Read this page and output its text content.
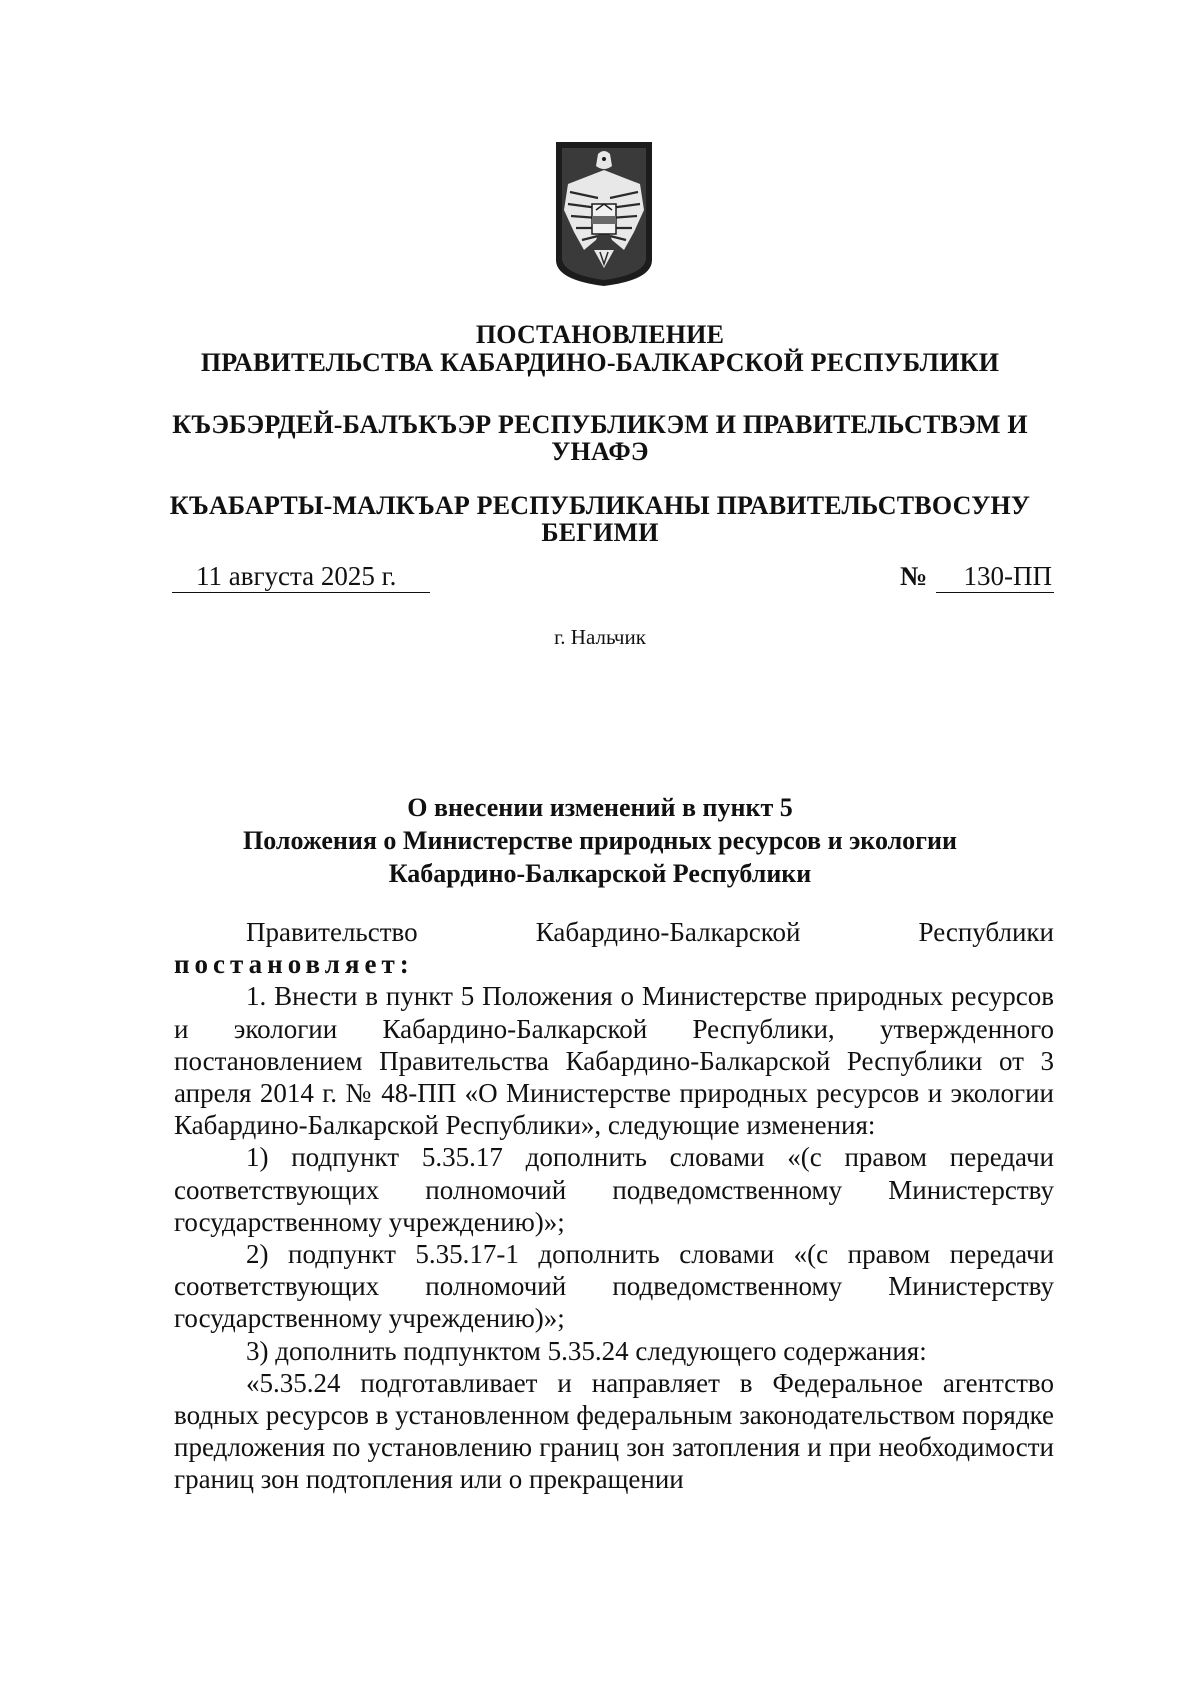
ПОСТАНОВЛЕНИЕ
ПРАВИТЕЛЬСТВА КАБАРДИНО-БАЛКАРСКОЙ РЕСПУБЛИКИ
КЪЭБЭРДЕЙ-БАЛЪКЪЭР РЕСПУБЛИКЭМ И ПРАВИТЕЛЬСТВЭМ И
УНАФЭ
КЪАБАРТЫ-МАЛКЪАР РЕСПУБЛИКАНЫ ПРАВИТЕЛЬСТВОСУНУ
БЕГИМИ
11 августа 2025 г.	№	130-ПП
г. Нальчик
О внесении изменений в пункт 5
Положения о Министерстве природных ресурсов и экологии
Кабардино-Балкарской Республики
Правительство	Кабардино-Балкарской	Республики

постановляет:

1. Внести в пункт 5 Положения о Министерстве природных ресурсов и экологии Кабардино-Балкарской Республики, утвержденного постановлением Правительства Кабардино-Балкарской Республики от 3 апреля 2014 г. № 48-ПП «О Министерстве природных ресурсов и экологии Кабардино-Балкарской Республики», следующие изменения:

1) подпункт 5.35.17 дополнить словами «(с правом передачи соответствующих полномочий подведомственному Министерству государственному учреждению)»;

2) подпункт 5.35.17-1 дополнить словами «(с правом передачи соответствующих полномочий подведомственному Министерству государственному учреждению)»;

3) дополнить подпунктом 5.35.24 следующего содержания:

«5.35.24 подготавливает и направляет в Федеральное агентство водных ресурсов в установленном федеральным законодательством порядке предложения по установлению границ зон затопления и при необходимости границ зон подтопления или о прекращении
